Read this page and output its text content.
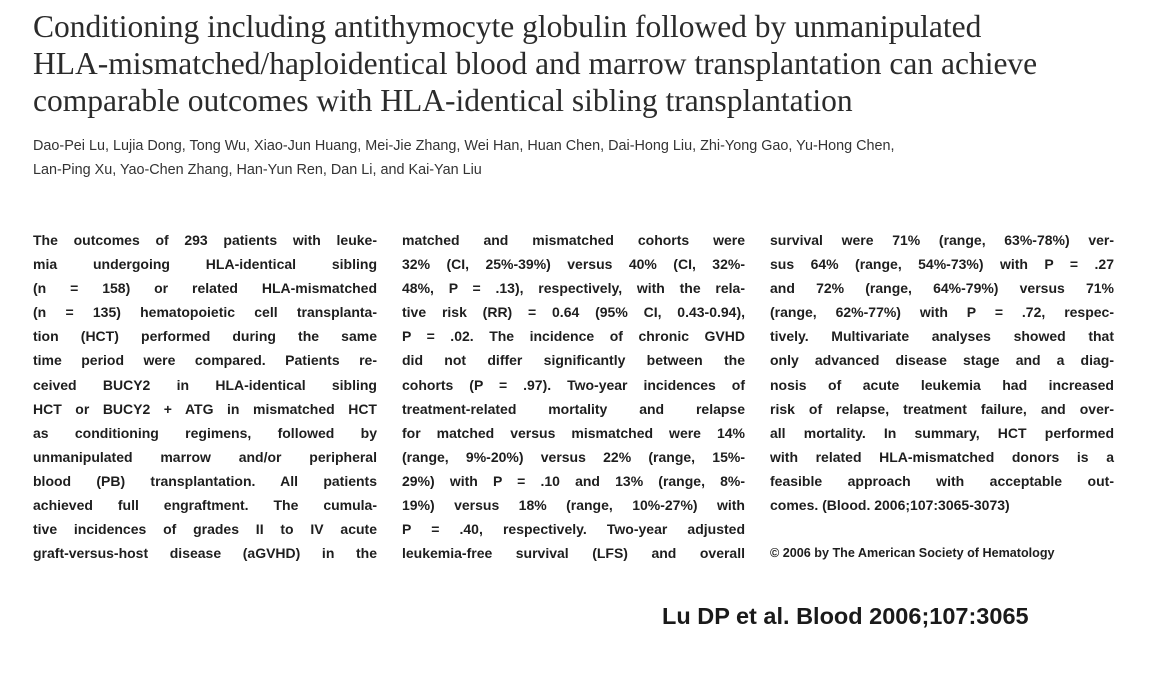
Conditioning including antithymocyte globulin followed by unmanipulated
HLA-mismatched/haploidentical blood and marrow transplantation can achieve
comparable outcomes with HLA-identical sibling transplantation
Dao-Pei Lu, Lujia Dong, Tong Wu, Xiao-Jun Huang, Mei-Jie Zhang, Wei Han, Huan Chen, Dai-Hong Liu, Zhi-Yong Gao, Yu-Hong Chen,
Lan-Ping Xu, Yao-Chen Zhang, Han-Yun Ren, Dan Li, and Kai-Yan Liu
The outcomes of 293 patients with leuke-
mia undergoing HLA-identical sibling
(n = 158) or related HLA-mismatched
(n = 135) hematopoietic cell transplanta-
tion (HCT) performed during the same
time period were compared. Patients re-
ceived BUCY2 in HLA-identical sibling
HCT or BUCY2 + ATG in mismatched HCT
as conditioning regimens, followed by
unmanipulated marrow and/or peripheral
blood (PB) transplantation. All patients
achieved full engraftment. The cumula-
tive incidences of grades II to IV acute
graft-versus-host disease (aGVHD) in the
matched and mismatched cohorts were
32% (CI, 25%-39%) versus 40% (CI, 32%-
48%, P = .13), respectively, with the rela-
tive risk (RR) = 0.64 (95% CI, 0.43-0.94),
P = .02. The incidence of chronic GVHD
did not differ significantly between the
cohorts (P = .97). Two-year incidences of
treatment-related mortality and relapse
for matched versus mismatched were 14%
(range, 9%-20%) versus 22% (range, 15%-
29%) with P = .10 and 13% (range, 8%-
19%) versus 18% (range, 10%-27%) with
P = .40, respectively. Two-year adjusted
leukemia-free survival (LFS) and overall
survival were 71% (range, 63%-78%) ver-
sus 64% (range, 54%-73%) with P = .27
and 72% (range, 64%-79%) versus 71%
(range, 62%-77%) with P = .72, respec-
tively. Multivariate analyses showed that
only advanced disease stage and a diag-
nosis of acute leukemia had increased
risk of relapse, treatment failure, and over-
all mortality. In summary, HCT performed
with related HLA-mismatched donors is a
feasible approach with acceptable out-
comes. (Blood. 2006;107:3065-3073)
© 2006 by The American Society of Hematology
Lu DP et al. Blood 2006;107:3065
